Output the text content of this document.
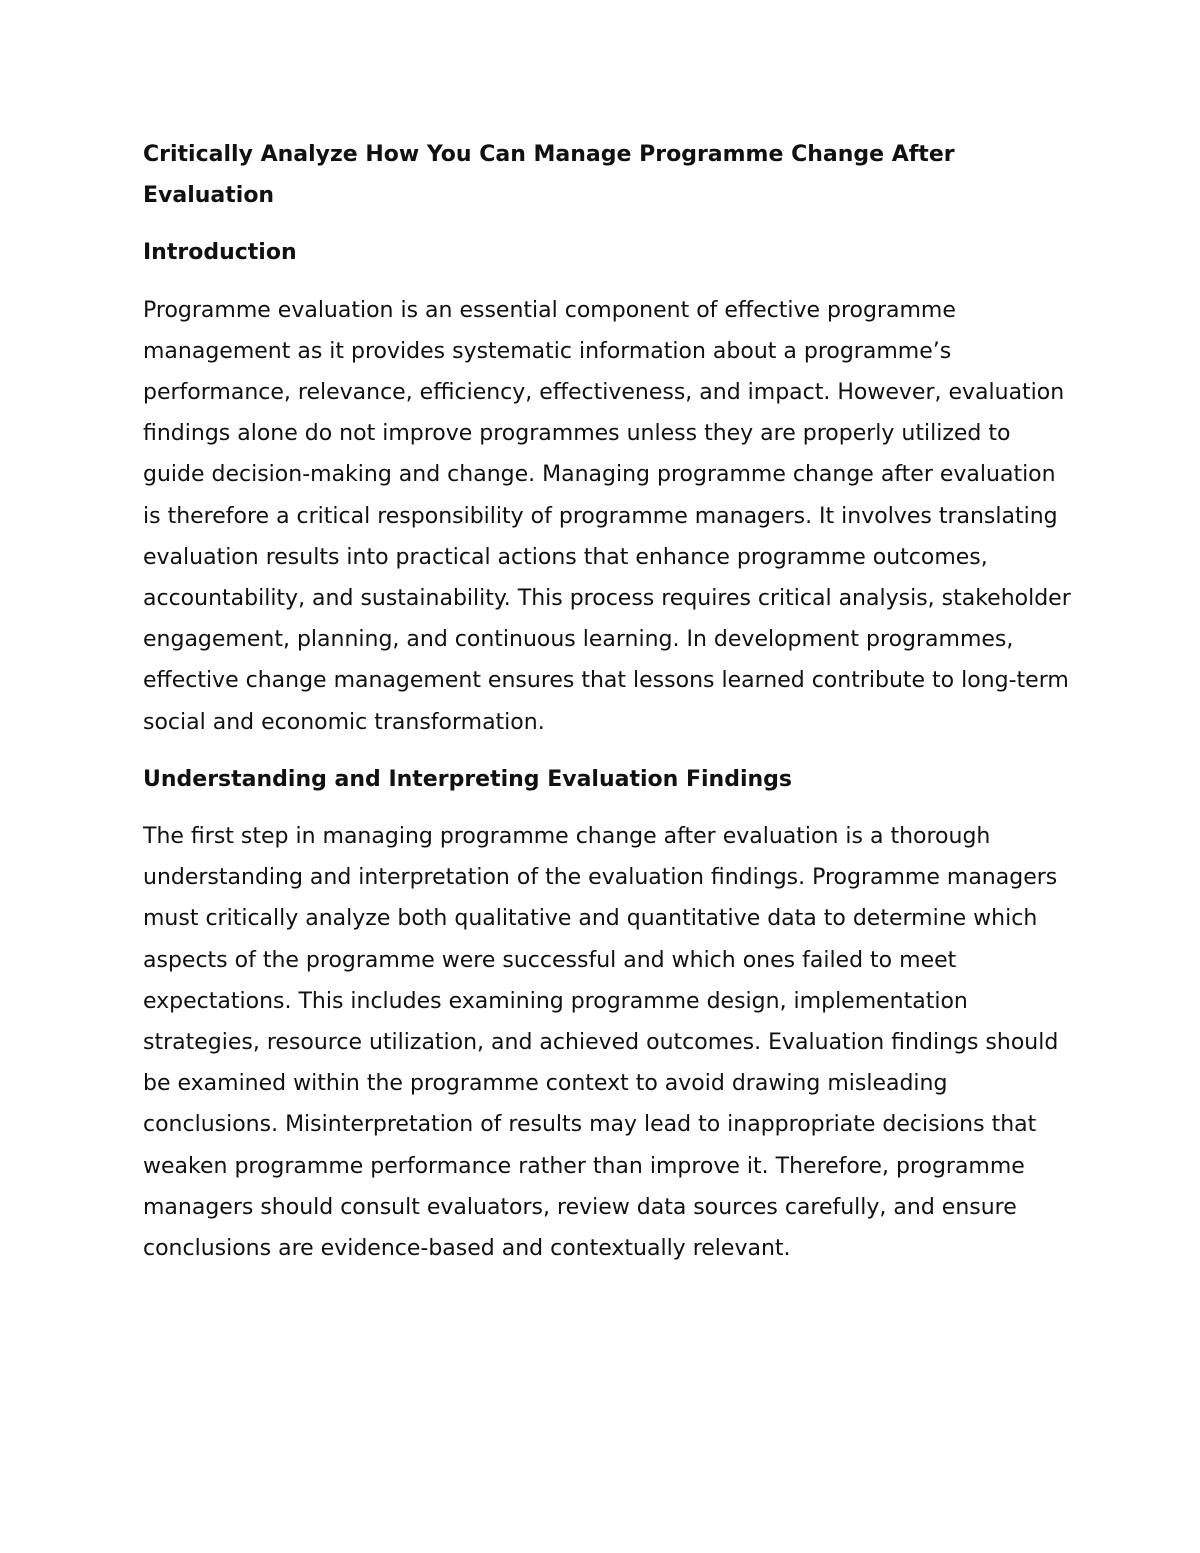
Critically Analyze How You Can Manage Programme Change After Evaluation
Introduction

Programme evaluation is an essential component of effective programme management as it provides systematic information about a programme’s performance, relevance, efficiency, effectiveness, and impact. However, evaluation findings alone do not improve programmes unless they are properly utilized to guide decision-making and change. Managing programme change after evaluation is therefore a critical responsibility of programme managers. It involves translating evaluation results into practical actions that enhance programme outcomes, accountability, and sustainability. This process requires critical analysis, stakeholder engagement, planning, and continuous learning. In development programmes, effective change management ensures that lessons learned contribute to long-term social and economic transformation.

Understanding and Interpreting Evaluation Findings

The first step in managing programme change after evaluation is a thorough understanding and interpretation of the evaluation findings. Programme managers must critically analyze both qualitative and quantitative data to determine which aspects of the programme were successful and which ones failed to meet expectations. This includes examining programme design, implementation strategies, resource utilization, and achieved outcomes. Evaluation findings should be examined within the programme context to avoid drawing misleading conclusions. Misinterpretation of results may lead to inappropriate decisions that weaken programme performance rather than improve it. Therefore, programme managers should consult evaluators, review data sources carefully, and ensure conclusions are evidence-based and contextually relevant.
